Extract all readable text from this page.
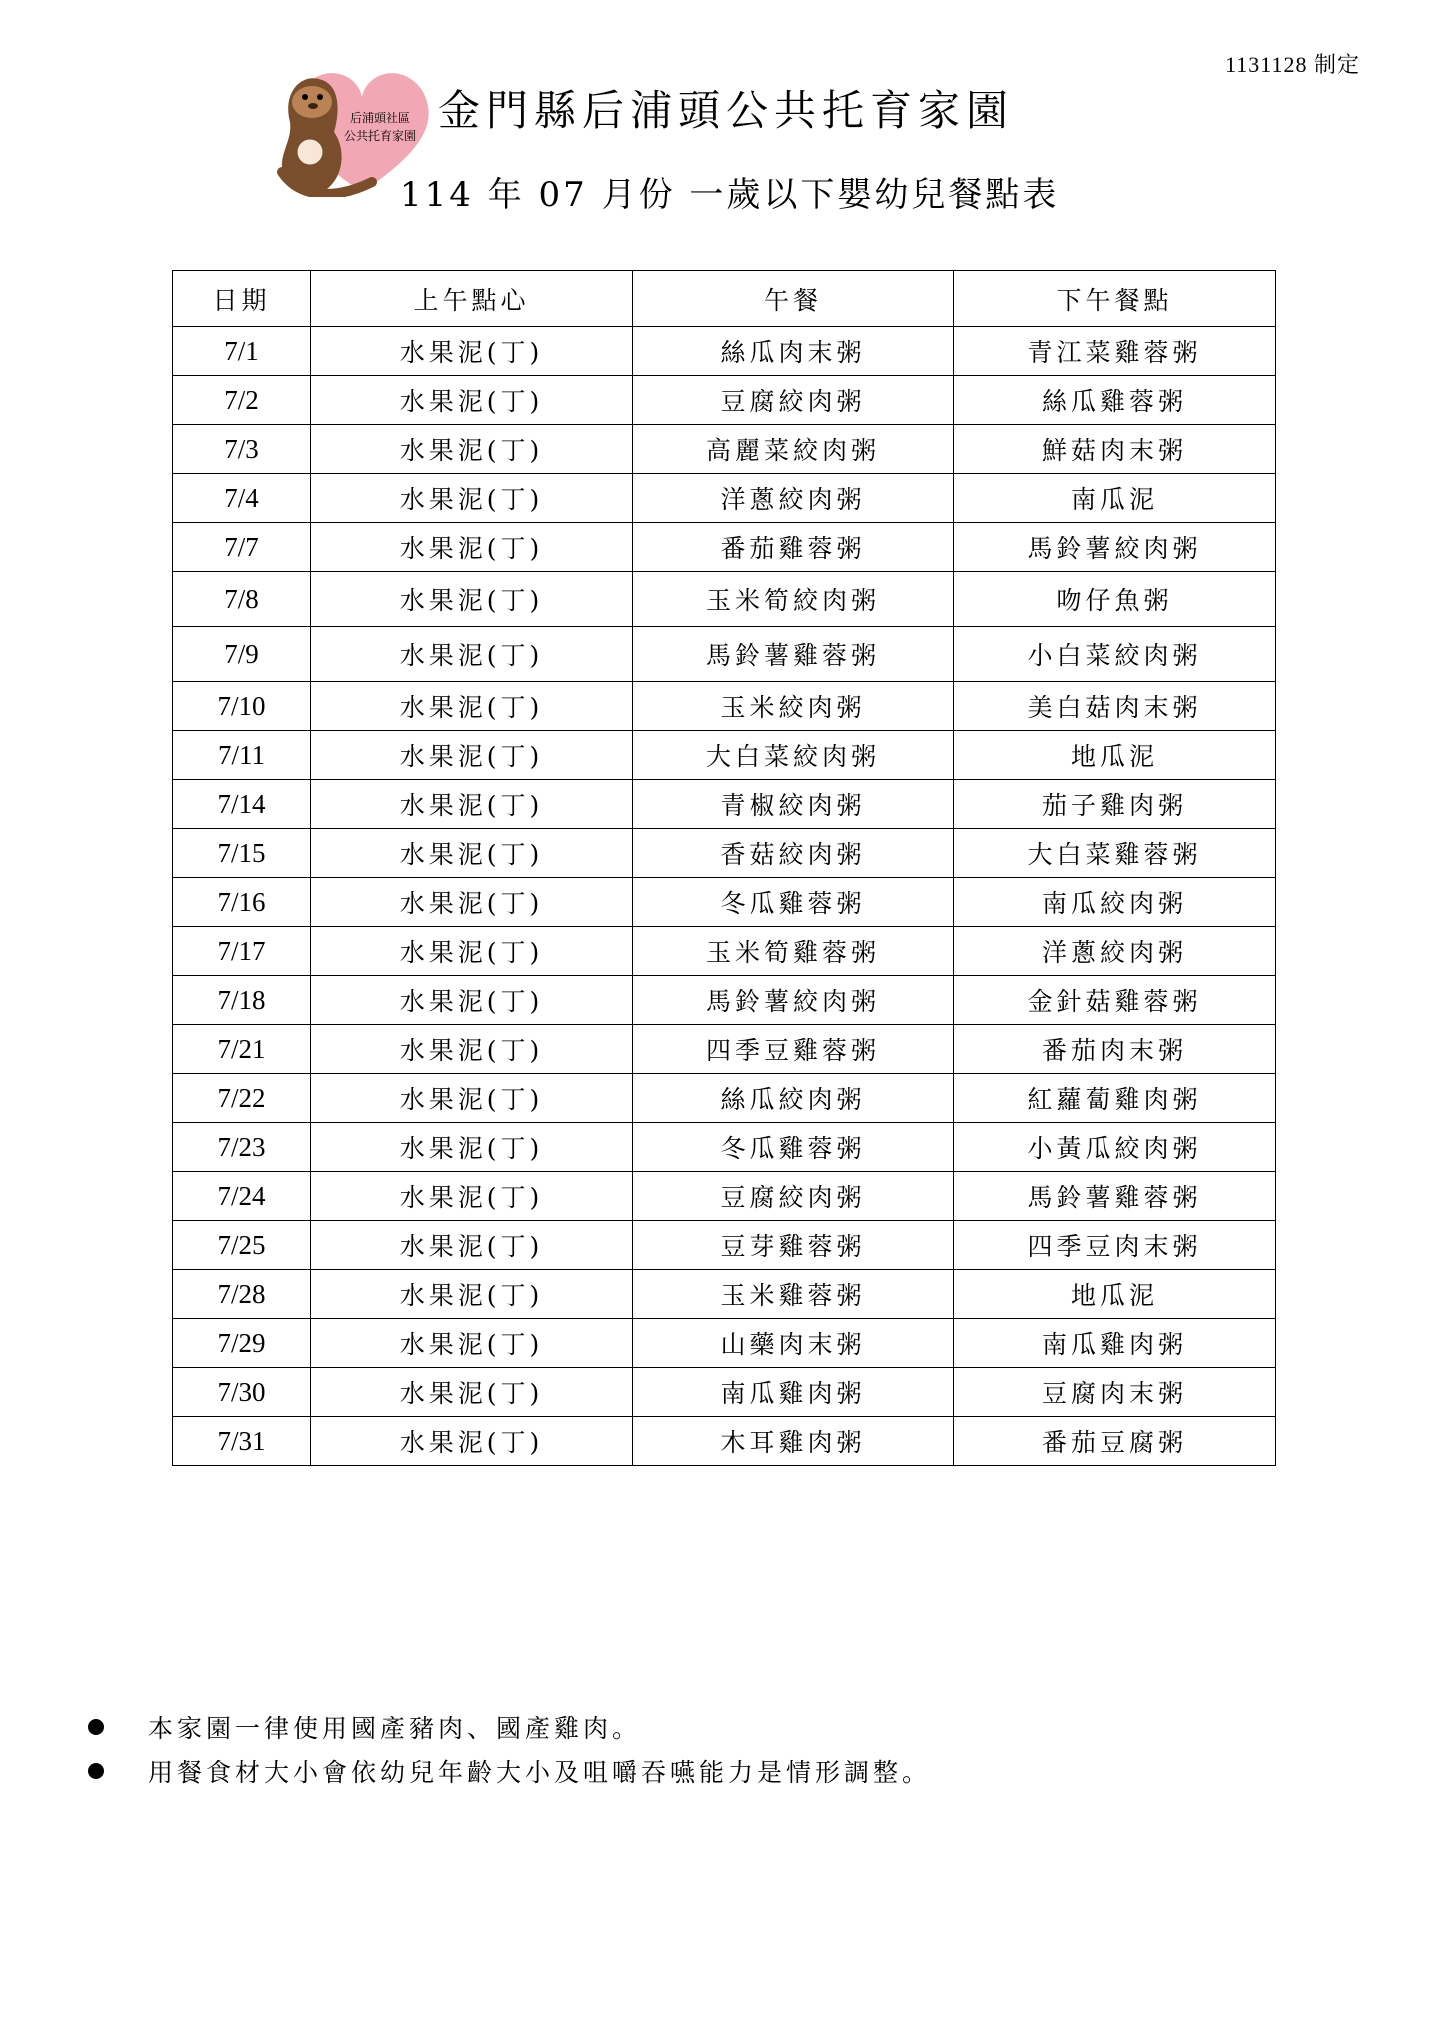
1131128 制定
后浦頭社區
公共托育家園
金門縣后浦頭公共托育家園
114 年 07 月份 一歲以下嬰幼兒餐點表
日期	上午點心	午餐	下午餐點
7/1	水果泥(丁)	絲瓜肉末粥	青江菜雞蓉粥
7/2	水果泥(丁)	豆腐絞肉粥	絲瓜雞蓉粥
7/3	水果泥(丁)	高麗菜絞肉粥	鮮菇肉末粥
7/4	水果泥(丁)	洋蔥絞肉粥	南瓜泥
7/7	水果泥(丁)	番茄雞蓉粥	馬鈴薯絞肉粥
7/8	水果泥(丁)	玉米筍絞肉粥	吻仔魚粥
7/9	水果泥(丁)	馬鈴薯雞蓉粥	小白菜絞肉粥
7/10	水果泥(丁)	玉米絞肉粥	美白菇肉末粥
7/11	水果泥(丁)	大白菜絞肉粥	地瓜泥
7/14	水果泥(丁)	青椒絞肉粥	茄子雞肉粥
7/15	水果泥(丁)	香菇絞肉粥	大白菜雞蓉粥
7/16	水果泥(丁)	冬瓜雞蓉粥	南瓜絞肉粥
7/17	水果泥(丁)	玉米筍雞蓉粥	洋蔥絞肉粥
7/18	水果泥(丁)	馬鈴薯絞肉粥	金針菇雞蓉粥
7/21	水果泥(丁)	四季豆雞蓉粥	番茄肉末粥
7/22	水果泥(丁)	絲瓜絞肉粥	紅蘿蔔雞肉粥
7/23	水果泥(丁)	冬瓜雞蓉粥	小黃瓜絞肉粥
7/24	水果泥(丁)	豆腐絞肉粥	馬鈴薯雞蓉粥
7/25	水果泥(丁)	豆芽雞蓉粥	四季豆肉末粥
7/28	水果泥(丁)	玉米雞蓉粥	地瓜泥
7/29	水果泥(丁)	山藥肉末粥	南瓜雞肉粥
7/30	水果泥(丁)	南瓜雞肉粥	豆腐肉末粥
7/31	水果泥(丁)	木耳雞肉粥	番茄豆腐粥
本家園一律使用國產豬肉、國產雞肉。
用餐食材大小會依幼兒年齡大小及咀嚼吞嚥能力是情形調整。
